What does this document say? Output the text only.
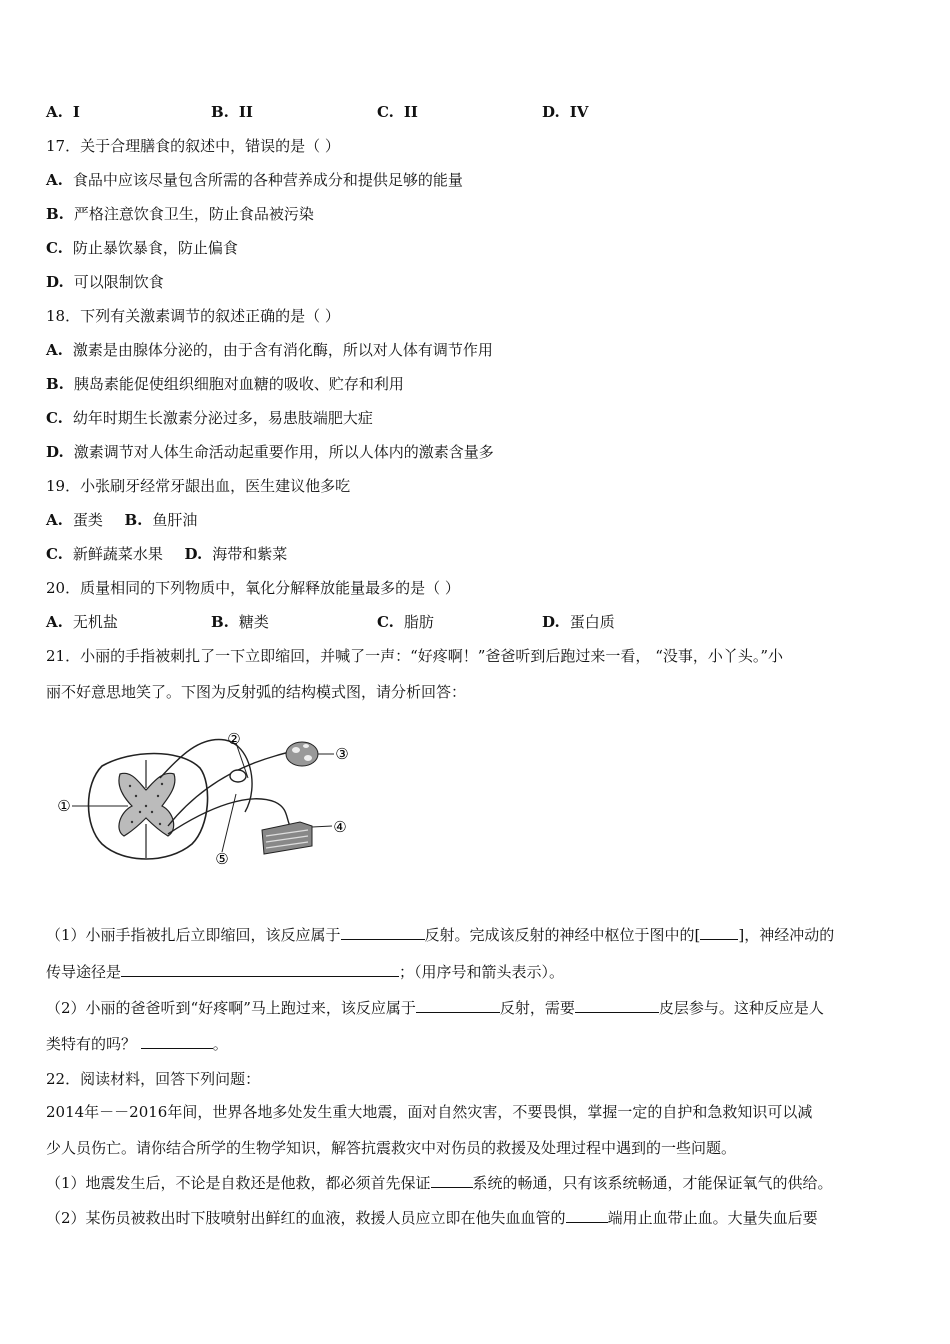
A. I	B. II	C. II	D. IV
17．关于合理膳食的叙述中，错误的是（ ）
A. 食品中应该尽量包含所需的各种营养成分和提供足够的能量
B. 严格注意饮食卫生，防止食品被污染
C. 防止暴饮暴食，防止偏食
D. 可以限制饮食
18．下列有关激素调节的叙述正确的是（ ）
A. 激素是由腺体分泌的，由于含有消化酶，所以对人体有调节作用
B. 胰岛素能促使组织细胞对血糖的吸收、贮存和利用
C. 幼年时期生长激素分泌过多，易患肢端肥大症
D. 激素调节对人体生命活动起重要作用，所以人体内的激素含量多
19．小张刷牙经常牙龈出血，医生建议他多吃
A. 蛋类 B. 鱼肝油
C. 新鲜蔬菜水果 D. 海带和紫菜
20．质量相同的下列物质中，氧化分解释放能量最多的是（ ）
A. 无机盐	B. 糖类	C. 脂肪	D. 蛋白质
21．小丽的手指被刺扎了一下立即缩回，并喊了一声：“好疼啊！”爸爸听到后跑过来一看， “没事，小丫头。”小
丽不好意思地笑了。下图为反射弧的结构模式图，请分析回答：
①
②
③
④
⑤
（1）小丽手指被扎后立即缩回，该反应属于	反射。完成该反射的神经中枢位于图中的[	]，神经冲动的
传导途径是	；（用序号和箭头表示）。
（2）小丽的爸爸听到“好疼啊”马上跑过来，该反应属于	反射，需要	皮层参与。这种反应是人
类特有的吗？	。
22．阅读材料，回答下列问题：
2014年－－2016年间，世界各地多处发生重大地震，面对自然灾害，不要畏惧，掌握一定的自护和急救知识可以减
少人员伤亡。请你结合所学的生物学知识，解答抗震救灾中对伤员的救援及处理过程中遇到的一些问题。
（1）地震发生后，不论是自救还是他救，都必须首先保证	系统的畅通，只有该系统畅通，才能保证氧气的供给。
（2）某伤员被救出时下肢喷射出鲜红的血液，救援人员应立即在他失血血管的	端用止血带止血。大量失血后要
